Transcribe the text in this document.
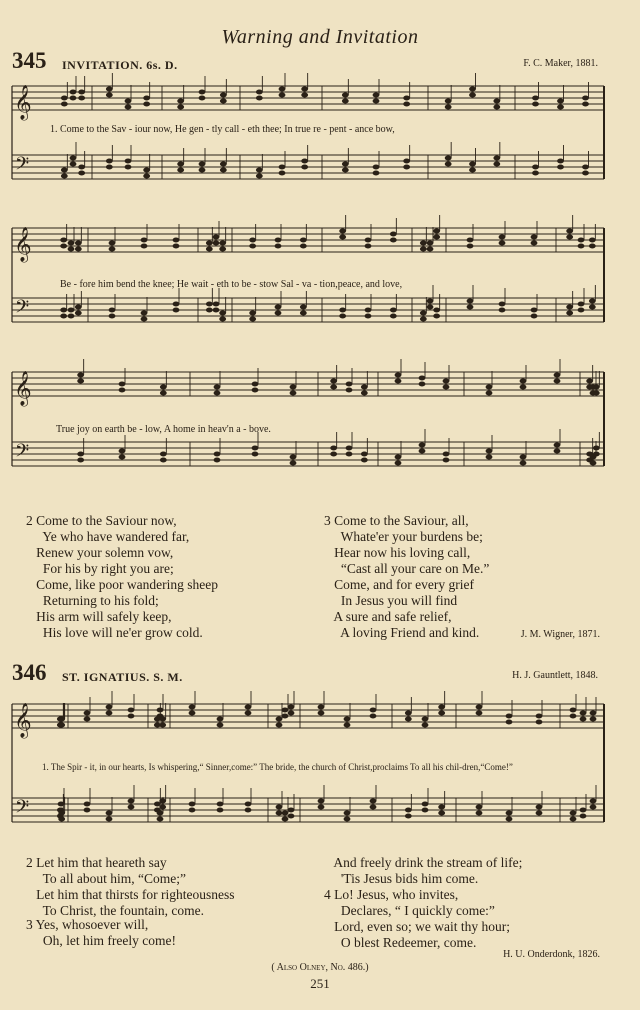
Warning and Invitation
345 INVITATION. 6s. D.	F. C. Maker, 1881.
𝄞
𝄢
𝄞
𝄢
𝄞
𝄢
1. Come to the Sav - iour now, He gen - tly call - eth thee; In true re - pent - ance bow,
Be - fore him bend the knee; He wait - eth to be - stow Sal - va - tion,peace, and love,
True joy on earth be - low, A home in heav'n a - bove.
2 Come to the Saviour now,
Ye who have wandered far,
Renew your solemn vow,
For his by right you are;
Come, like poor wandering sheep
Returning to his fold;
His arm will safely keep,
His love will ne'er grow cold.
3 Come to the Saviour, all,
Whate'er your burdens be;
Hear now his loving call,
“Cast all your care on Me.”
Come, and for every grief
In Jesus you will find
A sure and safe relief,
A loving Friend and kind.	J. M. Wigner, 1871.
346 ST. IGNATIUS. S. M.	H. J. Gauntlett, 1848.
𝄞
𝄢
1. The Spir - it, in our hearts, Is whispering,“ Sinner,come:” The bride, the church of Christ,proclaims To all his chil-dren,“Come!”
2 Let him that heareth say
To all about him, “Come;”
Let him that thirsts for righteousness
To Christ, the fountain, come.
3 Yes, whosoever will,
Oh, let him freely come!
And freely drink the stream of life;
'Tis Jesus bids him come.
4 Lo! Jesus, who invites,
Declares, “ I quickly come:”
Lord, even so; we wait thy hour;
O blest Redeemer, come.
H. U. Onderdonk, 1826.
( Also Olney, No. 486.)
251
